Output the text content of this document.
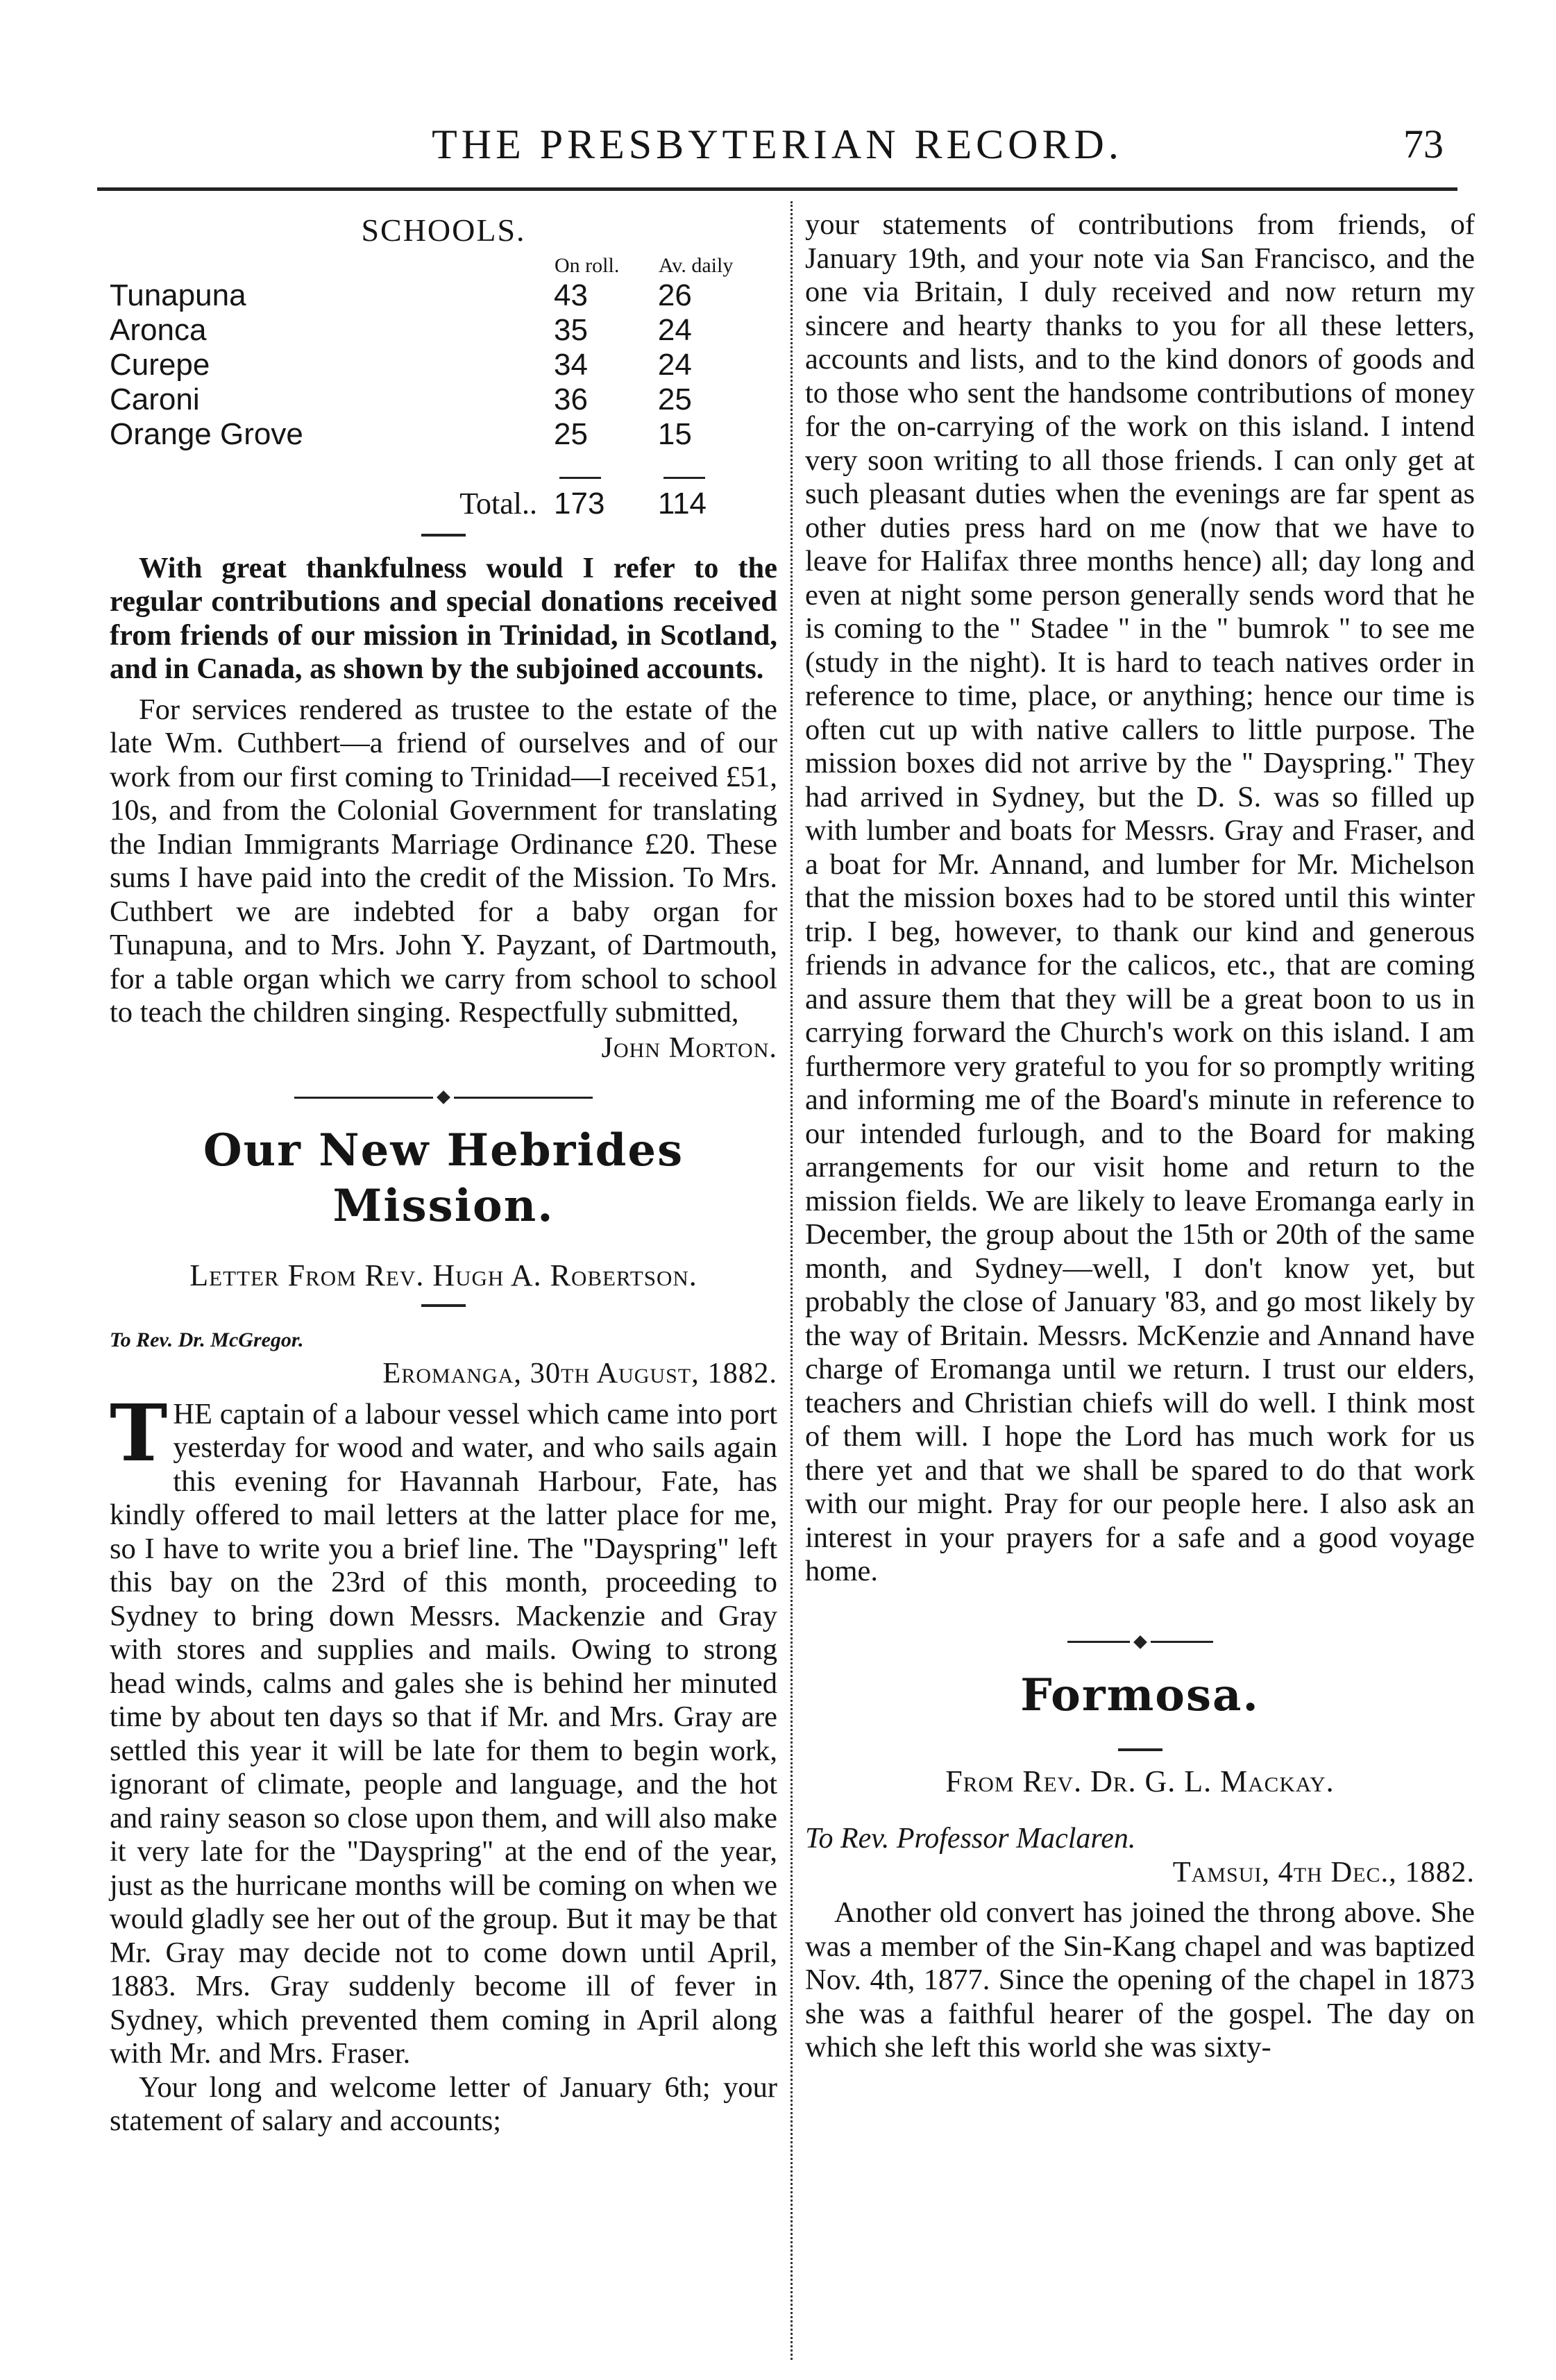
THE PRESBYTERIAN RECORD.	73
SCHOOLS.
	On roll.	Av. daily
Tunapuna	43	26
Aronca	35	24
Curepe	34	24
Caroni	36	25
Orange Grove	25	15

Total..	173	114

With great thankfulness would I refer to the regular contributions and special donations received from friends of our mission in Trinidad, in Scotland, and in Canada, as shown by the subjoined accounts.

For services rendered as trustee to the estate of the late Wm. Cuthbert—a friend of ourselves and of our work from our first coming to Trinidad—I received £51, 10s, and from the Colonial Government for translating the Indian Immigrants Marriage Ordinance £20. These sums I have paid into the credit of the Mission. To Mrs. Cuthbert we are indebted for a baby organ for Tunapuna, and to Mrs. John Y. Payzant, of Dartmouth, for a table organ which we carry from school to school to teach the children singing. Respectfully submitted,

John Morton.
Our New Hebrides Mission.
Letter From Rev. Hugh A. Robertson.
To Rev. Dr. McGregor.
Eromanga, 30th August, 1882.

THE captain of a labour vessel which came into port yesterday for wood and water, and who sails again this evening for Havannah Harbour, Fate, has kindly offered to mail letters at the latter place for me, so I have to write you a brief line. The "Dayspring" left this bay on the 23rd of this month, proceeding to Sydney to bring down Messrs. Mackenzie and Gray with stores and supplies and mails. Owing to strong head winds, calms and gales she is behind her minuted time by about ten days so that if Mr. and Mrs. Gray are settled this year it will be late for them to begin work, ignorant of climate, people and language, and the hot and rainy season so close upon them, and will also make it very late for the "Dayspring" at the end of the year, just as the hurricane months will be coming on when we would gladly see her out of the group. But it may be that Mr. Gray may decide not to come down until April, 1883. Mrs. Gray suddenly become ill of fever in Sydney, which prevented them coming in April along with Mr. and Mrs. Fraser.

Your long and welcome letter of January 6th; your statement of salary and accounts;

your statements of contributions from friends, of January 19th, and your note via San Francisco, and the one via Britain, I duly received and now return my sincere and hearty thanks to you for all these letters, accounts and lists, and to the kind donors of goods and to those who sent the handsome contributions of money for the on-carrying of the work on this island. I intend very soon writing to all those friends. I can only get at such pleasant duties when the evenings are far spent as other duties press hard on me (now that we have to leave for Halifax three months hence) all; day long and even at night some person generally sends word that he is coming to the " Stadee " in the " bumrok " to see me (study in the night). It is hard to teach natives order in reference to time, place, or anything; hence our time is often cut up with native callers to little purpose. The mission boxes did not arrive by the " Dayspring." They had arrived in Sydney, but the D. S. was so filled up with lumber and boats for Messrs. Gray and Fraser, and a boat for Mr. Annand, and lumber for Mr. Michelson that the mission boxes had to be stored until this winter trip. I beg, however, to thank our kind and generous friends in advance for the calicos, etc., that are coming and assure them that they will be a great boon to us in carrying forward the Church's work on this island. I am furthermore very grateful to you for so promptly writing and informing me of the Board's minute in reference to our intended furlough, and to the Board for making arrangements for our visit home and return to the mission fields. We are likely to leave Eromanga early in December, the group about the 15th or 20th of the same month, and Sydney—well, I don't know yet, but probably the close of January '83, and go most likely by the way of Britain. Messrs. McKenzie and Annand have charge of Eromanga until we return. I trust our elders, teachers and Christian chiefs will do well. I think most of them will. I hope the Lord has much work for us there yet and that we shall be spared to do that work with our might. Pray for our people here. I also ask an interest in your prayers for a safe and a good voyage home.

Formosa.
From Rev. Dr. G. L. Mackay.
To Rev. Professor Maclaren.
Tamsui, 4th Dec., 1882.

Another old convert has joined the throng above. She was a member of the Sin-Kang chapel and was baptized Nov. 4th, 1877. Since the opening of the chapel in 1873 she was a faithful hearer of the gospel. The day on which she left this world she was sixty-
